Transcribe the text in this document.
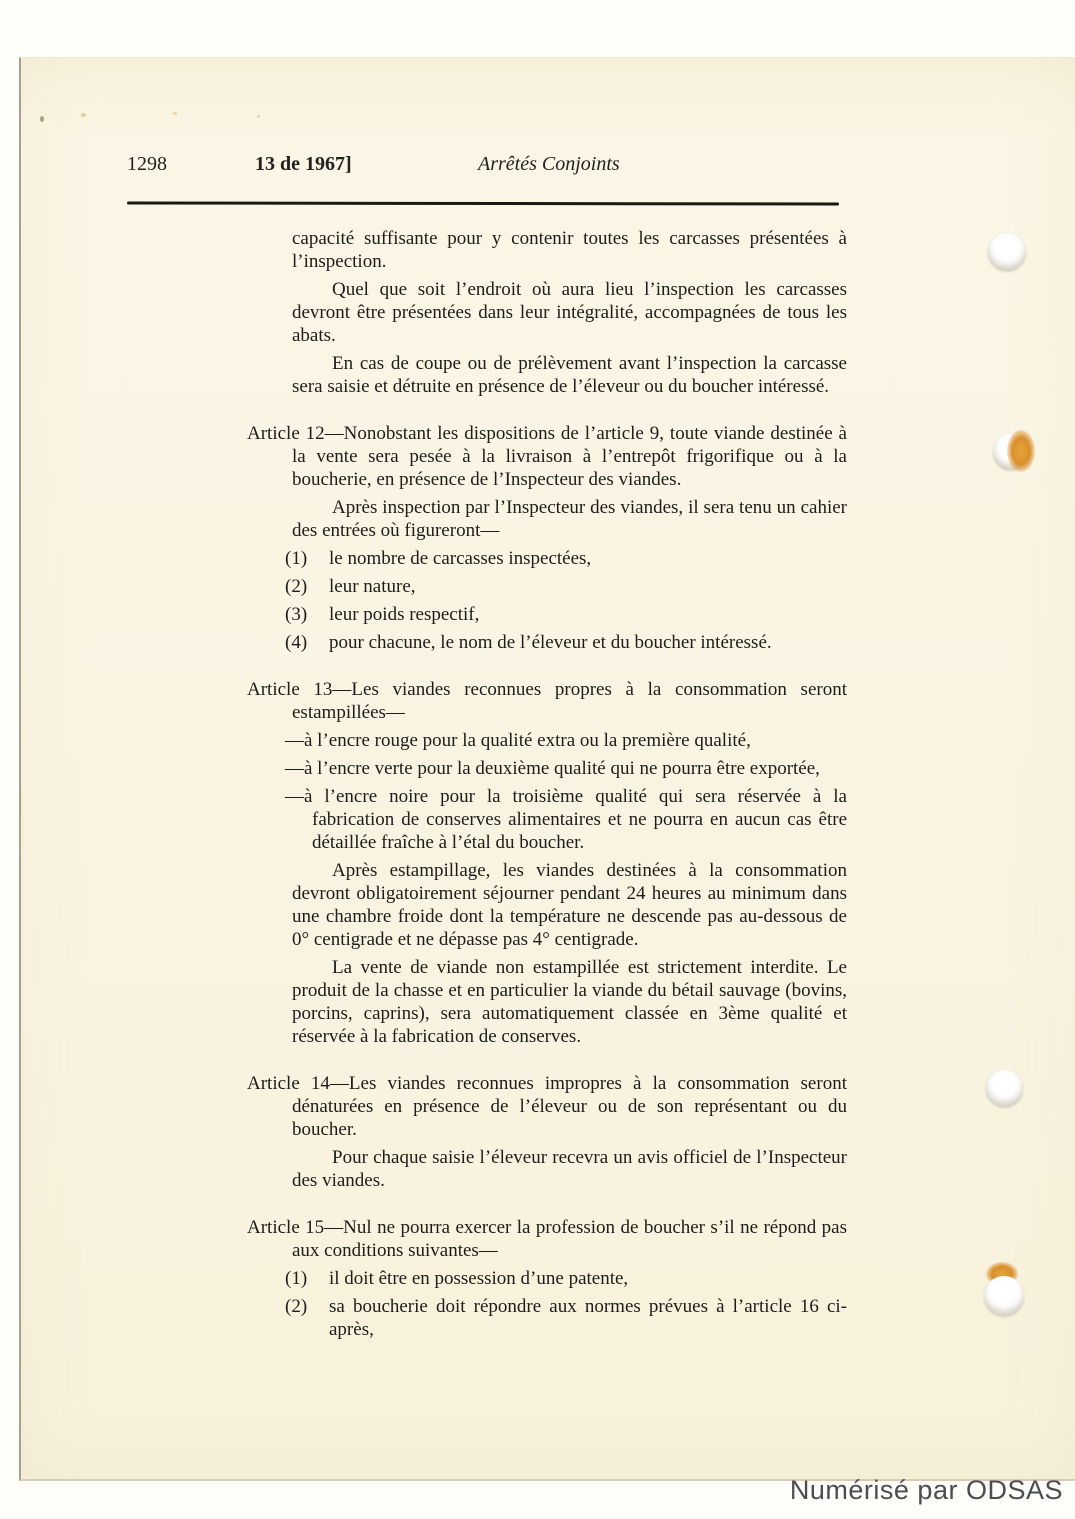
1298	13 de 1967]	Arrêtés Conjoints

capacité suffisante pour y contenir toutes les carcasses présentées à l’inspection.

Quel que soit l’endroit où aura lieu l’inspection les carcasses devront être présentées dans leur intégralité, accompagnées de tous les abats.

En cas de coupe ou de prélèvement avant l’inspection la carcasse sera saisie et détruite en présence de l’éleveur ou du boucher intéressé.

Article 12—Nonobstant les dispositions de l’article 9, toute viande destinée à la vente sera pesée à la livraison à l’entrepôt frigorifique ou à la boucherie, en présence de l’Inspecteur des viandes.

Après inspection par l’Inspecteur des viandes, il sera tenu un cahier des entrées où figureront—

(1)	le nombre de carcasses inspectées,
(2)	leur nature,
(3)	leur poids respectif,
(4)	pour chacune, le nom de l’éleveur et du boucher intéressé.

Article 13—Les viandes reconnues propres à la consommation seront estampillées—

—à l’encre rouge pour la qualité extra ou la première qualité,

—à l’encre verte pour la deuxième qualité qui ne pourra être exportée,

—à l’encre noire pour la troisième qualité qui sera réservée à la fabrication de conserves alimentaires et ne pourra en aucun cas être détaillée fraîche à l’étal du boucher.

Après estampillage, les viandes destinées à la consommation devront obligatoirement séjourner pendant 24 heures au minimum dans une chambre froide dont la température ne descende pas au-dessous de 0° centigrade et ne dépasse pas 4° centigrade.

La vente de viande non estampillée est strictement interdite. Le produit de la chasse et en particulier la viande du bétail sauvage (bovins, porcins, caprins), sera automatiquement classée en 3ème qualité et réservée à la fabrication de conserves.

Article 14—Les viandes reconnues impropres à la consommation seront dénaturées en présence de l’éleveur ou de son représentant ou du boucher.

Pour chaque saisie l’éleveur recevra un avis officiel de l’Inspecteur des viandes.

Article 15—Nul ne pourra exercer la profession de boucher s’il ne répond pas aux conditions suivantes—

(1)	il doit être en possession d’une patente,
(2)	sa boucherie doit répondre aux normes prévues à l’article 16 ci-après,
Numérisé par ODSAS
